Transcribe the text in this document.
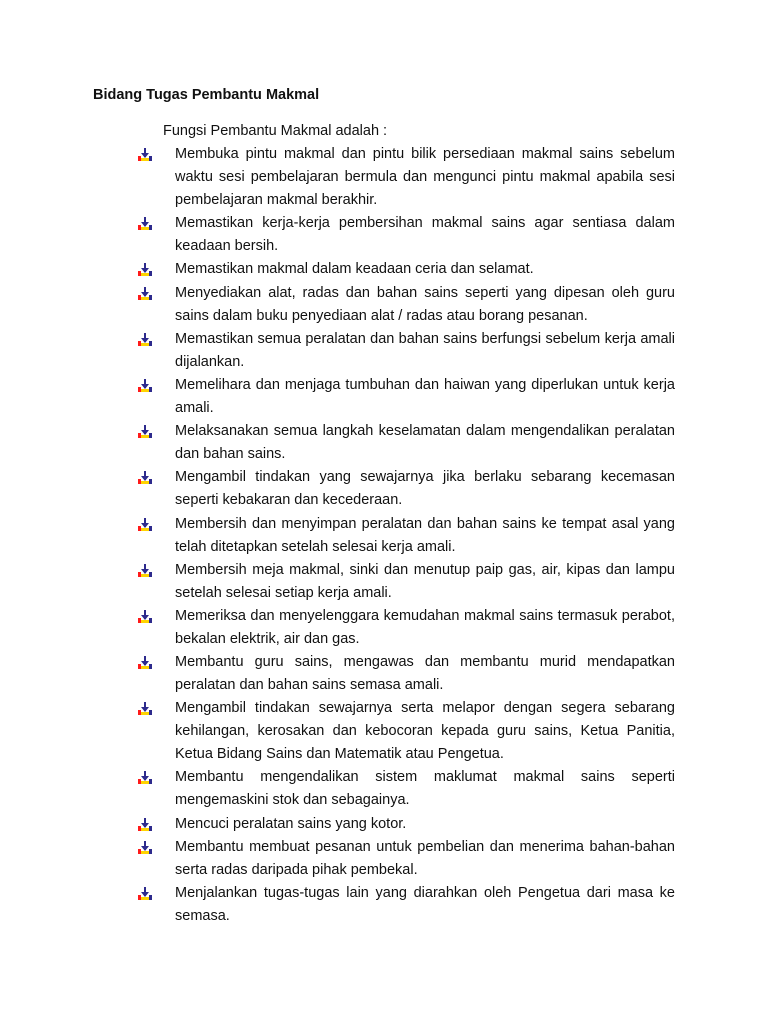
Bidang Tugas Pembantu Makmal
Fungsi Pembantu Makmal adalah :
Membuka pintu makmal dan pintu bilik persediaan makmal sains sebelum waktu sesi pembelajaran bermula dan mengunci pintu makmal apabila sesi pembelajaran makmal berakhir.
Memastikan kerja-kerja pembersihan makmal sains agar sentiasa dalam keadaan bersih.
Memastikan makmal dalam keadaan ceria dan selamat.
Menyediakan alat, radas dan bahan sains seperti yang dipesan oleh guru sains dalam buku penyediaan alat / radas atau borang pesanan.
Memastikan semua peralatan dan bahan sains berfungsi sebelum kerja amali dijalankan.
Memelihara dan menjaga tumbuhan dan haiwan yang diperlukan untuk kerja amali.
Melaksanakan semua langkah keselamatan dalam mengendalikan peralatan dan bahan sains.
Mengambil tindakan yang sewajarnya jika berlaku sebarang kecemasan seperti kebakaran dan kecederaan.
Membersih dan menyimpan peralatan dan bahan sains ke tempat asal yang telah ditetapkan setelah selesai kerja amali.
Membersih meja makmal, sinki dan menutup paip gas, air, kipas dan lampu setelah selesai setiap kerja amali.
Memeriksa dan menyelenggara kemudahan makmal sains termasuk perabot, bekalan elektrik, air dan gas.
Membantu guru sains, mengawas dan membantu murid mendapatkan peralatan dan bahan sains semasa amali.
Mengambil tindakan sewajarnya serta melapor dengan segera sebarang kehilangan, kerosakan dan kebocoran kepada guru sains, Ketua Panitia, Ketua Bidang Sains dan Matematik atau Pengetua.
Membantu mengendalikan sistem maklumat makmal sains seperti mengemaskini stok dan sebagainya.
Mencuci peralatan sains yang kotor.
Membantu membuat pesanan untuk pembelian dan menerima bahan-bahan serta radas daripada pihak pembekal.
Menjalankan tugas-tugas lain yang diarahkan oleh Pengetua dari masa ke semasa.
